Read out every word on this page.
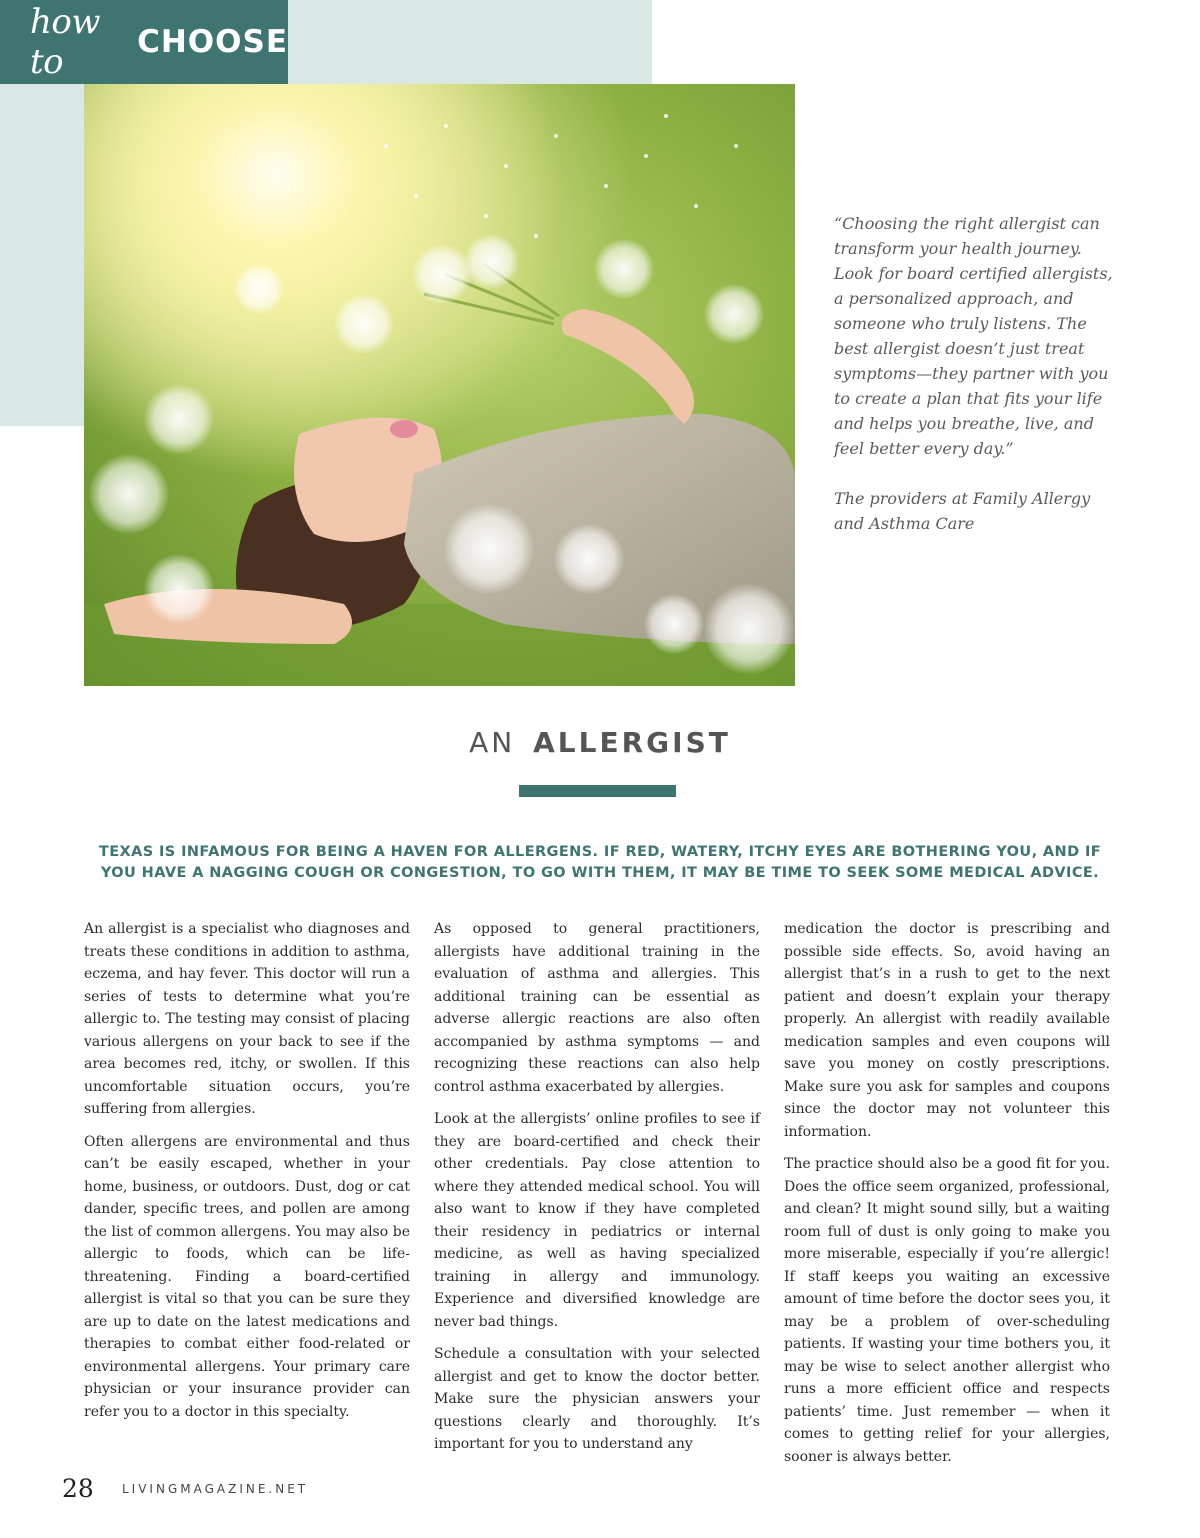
how to	CHOOSE
“Choosing the right allergist can transform your health journey. Look for board certified allergists, a personalized approach, and someone who truly listens. The best allergist doesn’t just treat symptoms—they partner with you to create a plan that fits your life and helps you breathe, live, and feel better every day.”
The providers at Family Allergy and Asthma Care
AN ALLERGIST
TEXAS IS INFAMOUS FOR BEING A HAVEN FOR ALLERGENS. IF RED, WATERY, ITCHY EYES ARE BOTHERING YOU, AND IF YOU HAVE A NAGGING COUGH OR CONGESTION, TO GO WITH THEM, IT MAY BE TIME TO SEEK SOME MEDICAL ADVICE.

An allergist is a specialist who diagnoses and treats these conditions in addition to asthma, eczema, and hay fever. This doctor will run a series of tests to determine what you’re allergic to. The testing may consist of placing various allergens on your back to see if the area becomes red, itchy, or swollen. If this uncomfortable situation occurs, you’re suffering from allergies.

Often allergens are environmental and thus can’t be easily escaped, whether in your home, business, or outdoors. Dust, dog or cat dander, specific trees, and pollen are among the list of common allergens. You may also be allergic to foods, which can be life-threatening. Finding a board-certified allergist is vital so that you can be sure they are up to date on the latest medications and therapies to combat either food-related or environmental allergens. Your primary care physician or your insurance provider can refer you to a doctor in this specialty.

As opposed to general practitioners, allergists have additional training in the evaluation of asthma and allergies. This additional training can be essential as adverse allergic reactions are also often accompanied by asthma symptoms — and recognizing these reactions can also help control asthma exacerbated by allergies.

Look at the allergists’ online profiles to see if they are board-certified and check their other credentials. Pay close attention to where they attended medical school. You will also want to know if they have completed their residency in pediatrics or internal medicine, as well as having specialized training in allergy and immunology. Experience and diversified knowledge are never bad things.

Schedule a consultation with your selected allergist and get to know the doctor better. Make sure the physician answers your questions clearly and thoroughly. It’s important for you to understand any

medication the doctor is prescribing and possible side effects. So, avoid having an allergist that’s in a rush to get to the next patient and doesn’t explain your therapy properly. An allergist with readily available medication samples and even coupons will save you money on costly prescriptions. Make sure you ask for samples and coupons since the doctor may not volunteer this information.

The practice should also be a good fit for you. Does the office seem organized, professional, and clean? It might sound silly, but a waiting room full of dust is only going to make you more miserable, especially if you’re allergic! If staff keeps you waiting an excessive amount of time before the doctor sees you, it may be a problem of over-scheduling patients. If wasting your time bothers you, it may be wise to select another allergist who runs a more efficient office and respects patients’ time. Just remember — when it comes to getting relief for your allergies, sooner is always better.

28 LIVINGMAGAZINE.NET
